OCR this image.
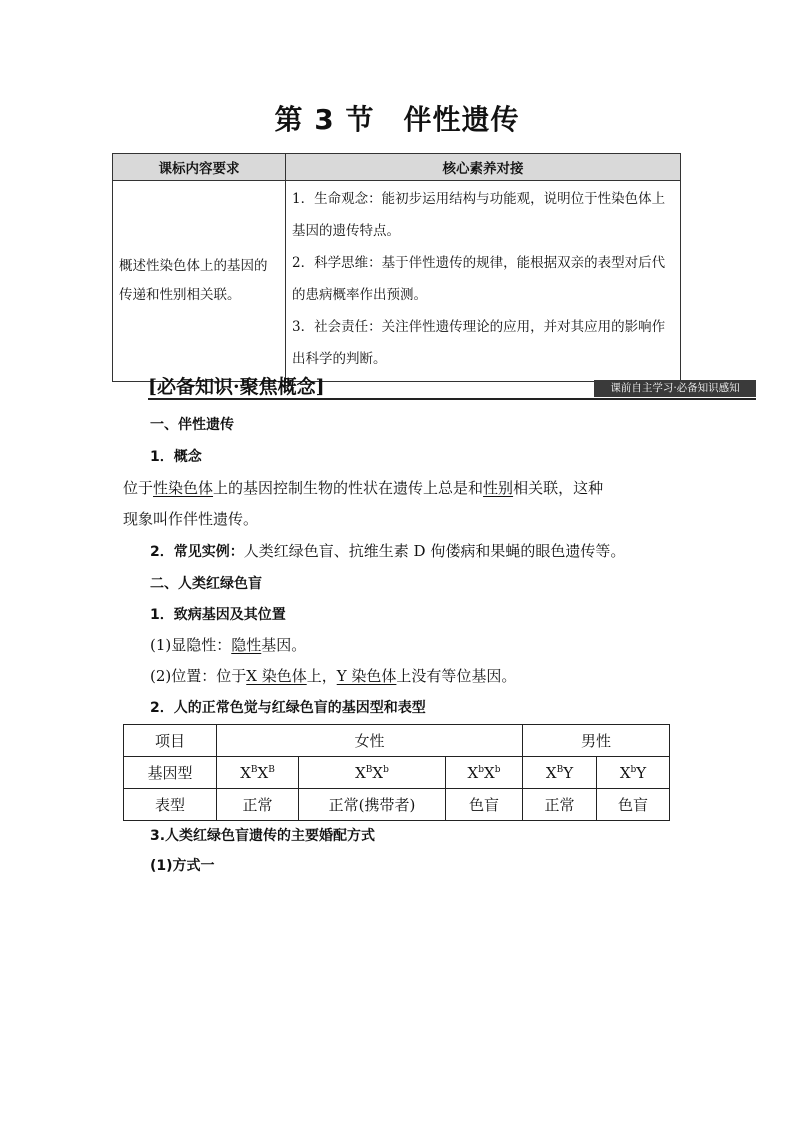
第 3 节　伴性遗传
课标内容要求	核心素养对接
概述性染色体上的基因的传递和性别相关联。	1．生命观念：能初步运用结构与功能观，说明位于性染色体上基因的遗传特点。
2．科学思维：基于伴性遗传的规律，能根据双亲的表型对后代的患病概率作出预测。
3．社会责任：关注伴性遗传理论的应用，并对其应用的影响作出科学的判断。
[必备知识·聚焦概念]	课前自主学习·必备知识感知
一、伴性遗传
1．概念
位于性染色体上的基因控制生物的性状在遗传上总是和性别相关联，这种
现象叫作伴性遗传。
2．常见实例：人类红绿色盲、抗维生素 D 佝偻病和果蝇的眼色遗传等。
二、人类红绿色盲
1．致病基因及其位置
(1)显隐性：隐性基因。
(2)位置：位于X 染色体上，Y 染色体上没有等位基因。
2．人的正常色觉与红绿色盲的基因型和表型
项目	女性			男性	
基因型	$X^BX^B$	$X^BX^b$	$X^bX^b$	$X^BY$	$X^bY$
表型	正常	正常(携带者)	色盲	正常	色盲
3.人类红绿色盲遗传的主要婚配方式
(1)方式一
